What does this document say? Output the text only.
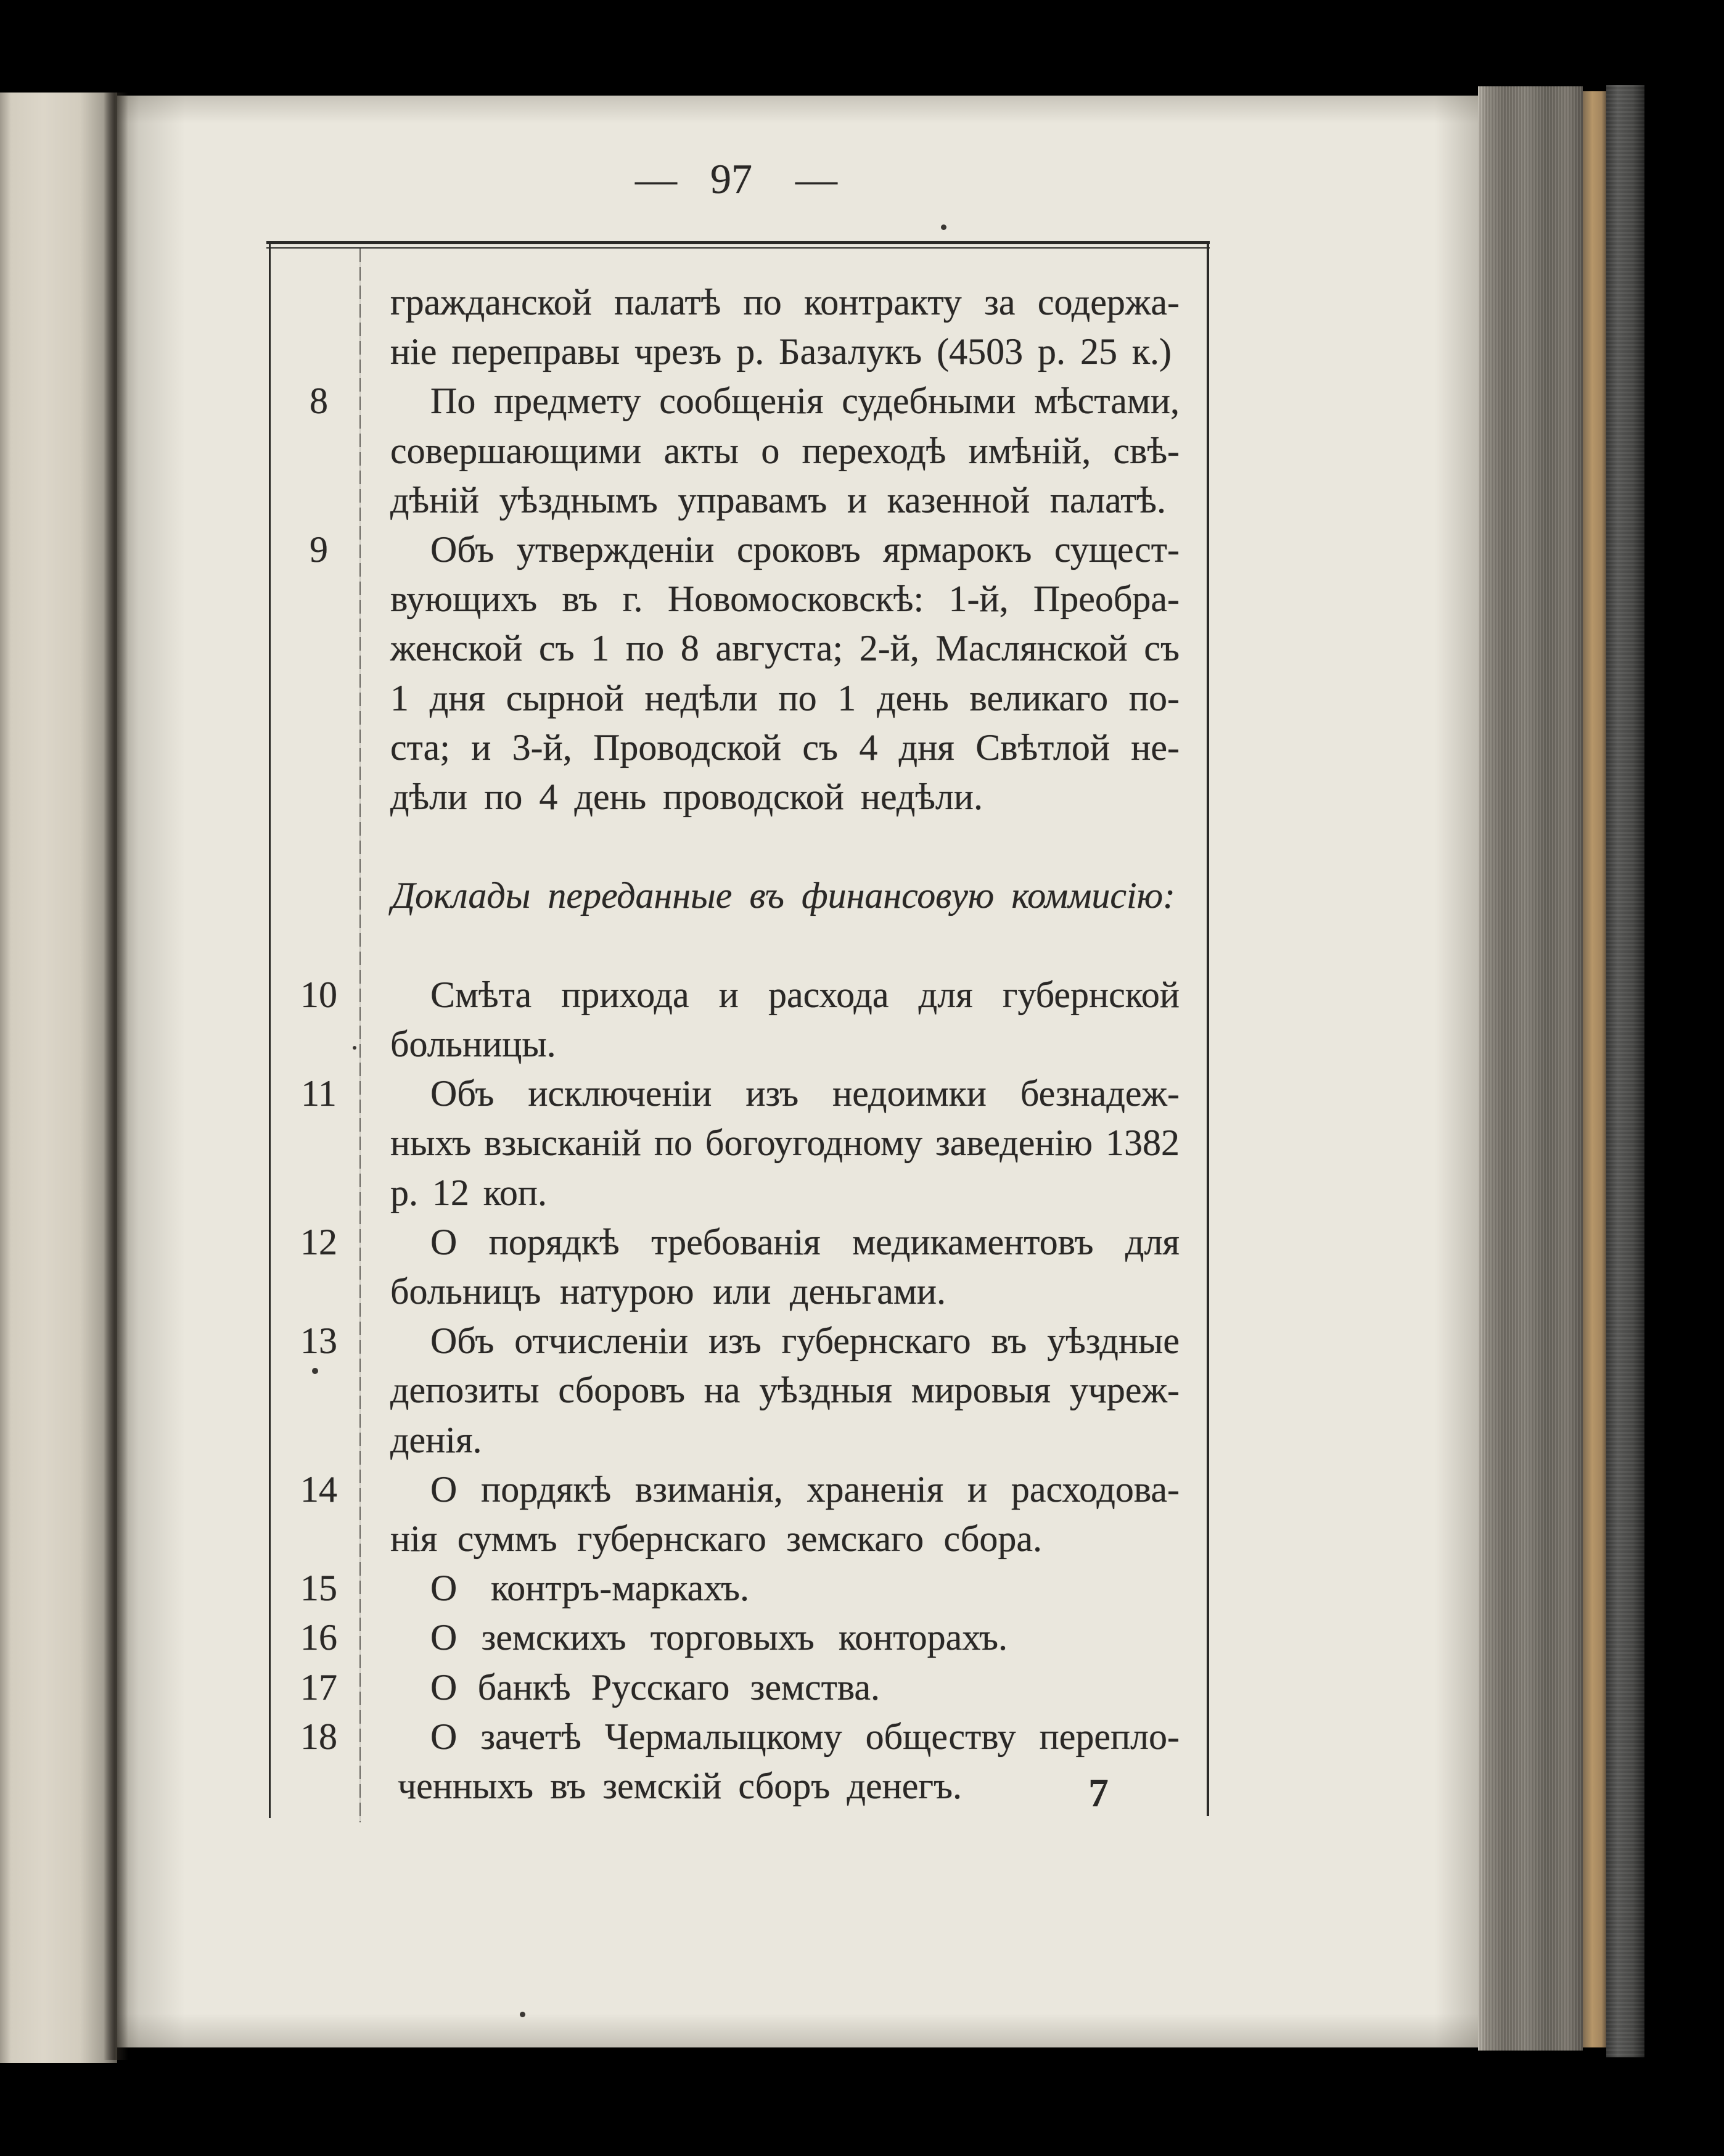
— 97 —
гражданской палатѣ по контракту за содержа-
ніе переправы чрезъ р. Базалукъ (4503 р. 25 к.)
8	По предмету сообщенія судебными мѣстами,
совершающими акты о переходѣ имѣній, свѣ-
дѣній уѣзднымъ управамъ и казенной палатѣ.
9	Объ утвержденіи сроковъ ярмарокъ сущест-
вующихъ въ г. Новомосковскѣ: 1-й, Преобра-
женской съ 1 по 8 августа; 2-й, Маслянской съ
1 дня сырной недѣли по 1 день великаго по-
ста; и 3-й, Проводской съ 4 дня Свѣтлой не-
дѣли по 4 день проводской недѣли.
Доклады переданные въ финансовую коммисію:
10	Смѣта прихода и расхода для губернской
больницы.
11	Объ исключеніи изъ недоимки безнадеж-
ныхъ взысканій по богоугодному заведенію 1382
р. 12 коп.
12	О порядкѣ требованія медикаментовъ для
больницъ натурою или деньгами.
13	Объ отчисленіи изъ губернскаго въ уѣздные
депозиты сборовъ на уѣздныя мировыя учреж-
денія.
14	О пордякѣ взиманія, храненія и расходова-
нія суммъ губернскаго земскаго сбора.
15	О контръ-маркахъ.
16	О земскихъ торговыхъ конторахъ.
17	О банкѣ Русскаго земства.
18	О зачетѣ Чермалыцкому обществу перепло-
ченныхъ въ земскій сборъ денегъ.	7
